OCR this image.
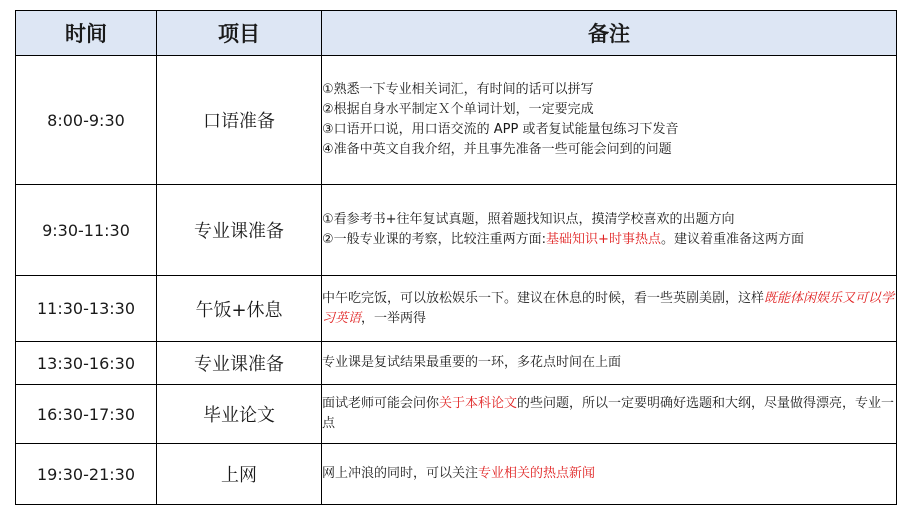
时间	项目	备注
8:00-9:30	口语准备	①熟悉一下专业相关词汇，有时间的话可以拼写
②根据自身水平制定Ｘ个单词计划，一定要完成
③口语开口说，用口语交流的 APP 或者复试能量包练习下发音
④准备中英文自我介绍，并且事先准备一些可能会问到的问题

9:30-11:30	专业课准备	①看参考书+往年复试真题，照着题找知识点，摸清学校喜欢的出题方向
②一般专业课的考察，比较注重两方面:基础知识+时事热点。建议着重准备这两方面

11:30-13:30	午饭+休息	中午吃完饭，可以放松娱乐一下。建议在休息的时候，看一些英剧美剧，这样既能体闲娱乐又可以学习英语，一举两得

13:30-16:30	专业课准备	专业课是复试结果最重要的一环，多花点时间在上面

16:30-17:30	毕业论文	面试老师可能会问你关于本科论文的些问题，所以一定要明确好选题和大纲，尽量做得漂亮，专业一点

19:30-21:30	上网	网上冲浪的同时，可以关注专业相关的热点新闻
